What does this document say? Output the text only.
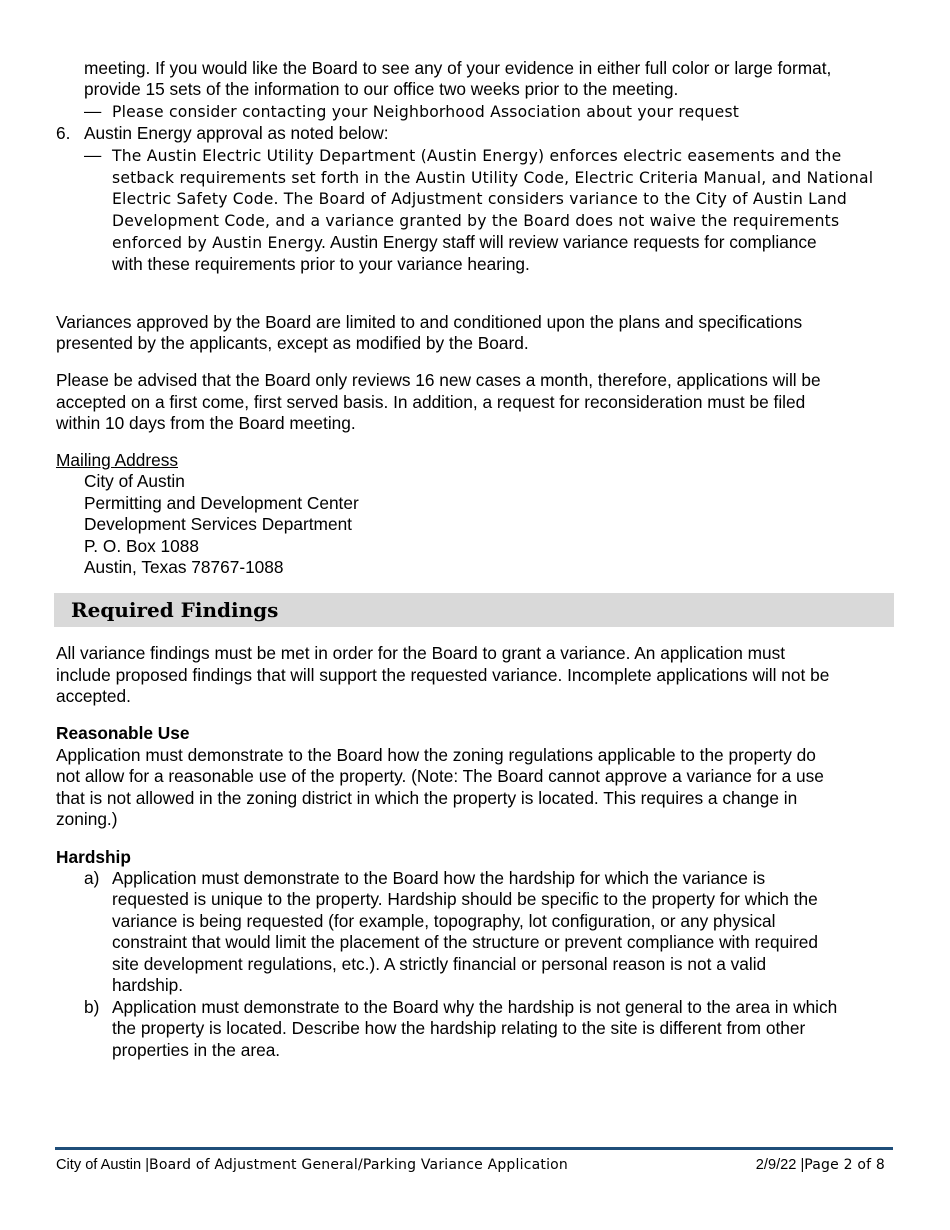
meeting. If you would like the Board to see any of your evidence in either full color or large format,
provide 15 sets of the information to our office two weeks prior to the meeting.
— Please consider contacting your Neighborhood Association about your request
6. Austin Energy approval as noted below:
— The Austin Electric Utility Department (Austin Energy) enforces electric easements and the
setback requirements set forth in the Austin Utility Code, Electric Criteria Manual, and National
Electric Safety Code. The Board of Adjustment considers variance to the City of Austin Land
Development Code, and a variance granted by the Board does not waive the requirements
enforced by Austin Energy. Austin Energy staff will review variance requests for compliance
with these requirements prior to your variance hearing.
Variances approved by the Board are limited to and conditioned upon the plans and specifications
presented by the applicants, except as modified by the Board.
Please be advised that the Board only reviews 16 new cases a month, therefore, applications will be
accepted on a first come, first served basis. In addition, a request for reconsideration must be filed
within 10 days from the Board meeting.
Mailing Address
City of Austin
Permitting and Development Center
Development Services Department
P. O. Box 1088
Austin, Texas 78767-1088
Required Findings
All variance findings must be met in order for the Board to grant a variance. An application must
include proposed findings that will support the requested variance. Incomplete applications will not be
accepted.
Reasonable Use
Application must demonstrate to the Board how the zoning regulations applicable to the property do
not allow for a reasonable use of the property. (Note: The Board cannot approve a variance for a use
that is not allowed in the zoning district in which the property is located. This requires a change in
zoning.)
Hardship
a) Application must demonstrate to the Board how the hardship for which the variance is
requested is unique to the property. Hardship should be specific to the property for which the
variance is being requested (for example, topography, lot configuration, or any physical
constraint that would limit the placement of the structure or prevent compliance with required
site development regulations, etc.). A strictly financial or personal reason is not a valid
hardship.
b) Application must demonstrate to the Board why the hardship is not general to the area in which
the property is located. Describe how the hardship relating to the site is different from other
properties in the area.
City of Austin |Board of Adjustment General/Parking Variance Application	2/9/22 |Page 2 of 8
